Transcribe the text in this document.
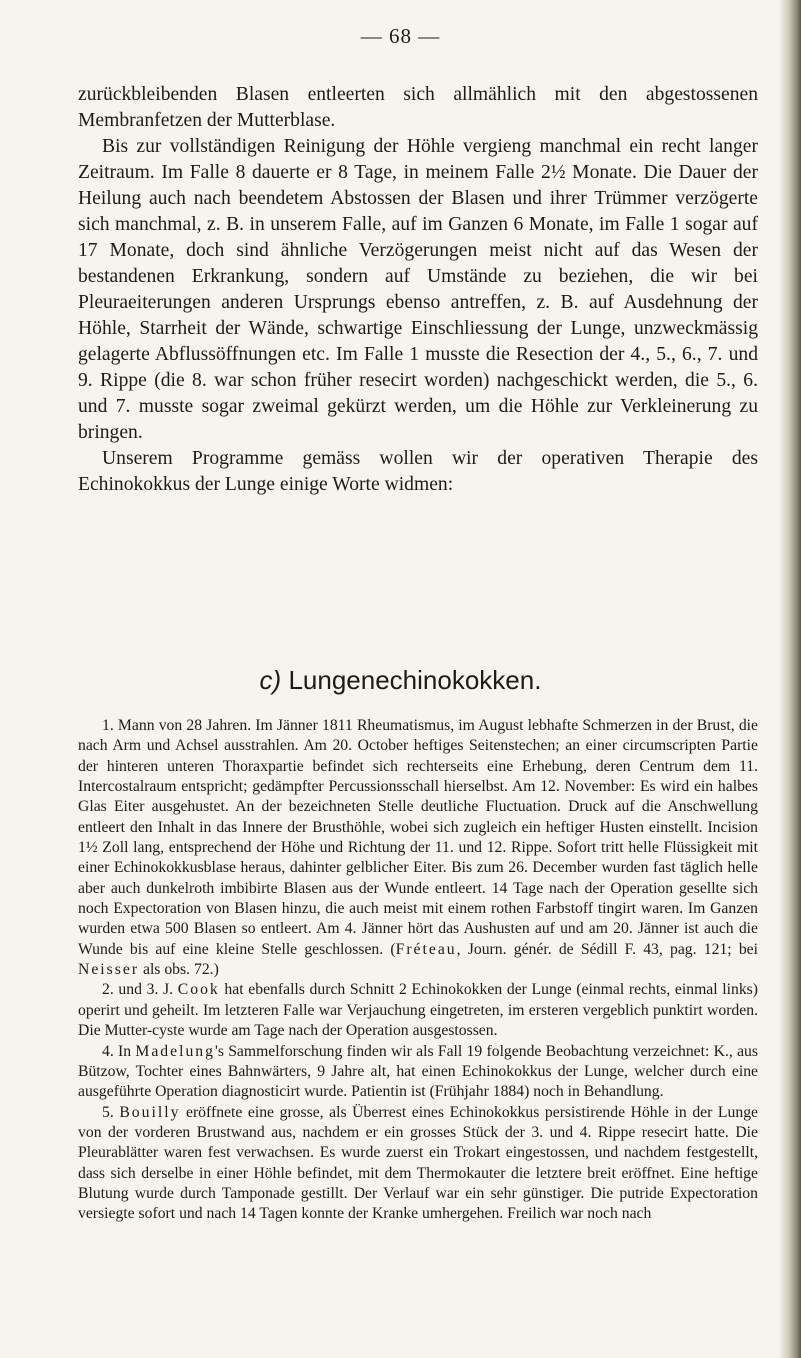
— 68 —

zurückbleibenden Blasen entleerten sich allmählich mit den abgestossenen Membranfetzen der Mutterblase.

Bis zur vollständigen Reinigung der Höhle vergieng manchmal ein recht langer Zeitraum. Im Falle 8 dauerte er 8 Tage, in meinem Falle 2½ Monate. Die Dauer der Heilung auch nach beendetem Abstossen der Blasen und ihrer Trümmer verzögerte sich manchmal, z. B. in unserem Falle, auf im Ganzen 6 Monate, im Falle 1 sogar auf 17 Monate, doch sind ähnliche Verzögerungen meist nicht auf das Wesen der bestandenen Erkrankung, sondern auf Umstände zu beziehen, die wir bei Pleuraeiterungen anderen Ursprungs ebenso antreffen, z. B. auf Ausdehnung der Höhle, Starrheit der Wände, schwartige Einschliessung der Lunge, unzweckmässig gelagerte Abflussöffnungen etc. Im Falle 1 musste die Resection der 4., 5., 6., 7. und 9. Rippe (die 8. war schon früher resecirt worden) nachgeschickt werden, die 5., 6. und 7. musste sogar zweimal gekürzt werden, um die Höhle zur Verkleinerung zu bringen.

Unserem Programme gemäss wollen wir der operativen Therapie des Echinokokkus der Lunge einige Worte widmen:

c) Lungenechinokokken.

1. Mann von 28 Jahren. Im Jänner 1811 Rheumatismus, im August lebhafte Schmerzen in der Brust, die nach Arm und Achsel ausstrahlen. Am 20. October heftiges Seitenstechen; an einer circumscripten Partie der hinteren unteren Thoraxpartie befindet sich rechterseits eine Erhebung, deren Centrum dem 11. Intercostalraum entspricht; gedämpfter Percussionsschall hierselbst. Am 12. November: Es wird ein halbes Glas Eiter ausgehustet. An der bezeichneten Stelle deutliche Fluctuation. Druck auf die Anschwellung entleert den Inhalt in das Innere der Brusthöhle, wobei sich zugleich ein heftiger Husten einstellt. Incision 1½ Zoll lang, entsprechend der Höhe und Richtung der 11. und 12. Rippe. Sofort tritt helle Flüssigkeit mit einer Echinokokkusblase heraus, dahinter gelblicher Eiter. Bis zum 26. December wurden fast täglich helle aber auch dunkelroth imbibirte Blasen aus der Wunde entleert. 14 Tage nach der Operation gesellte sich noch Expectoration von Blasen hinzu, die auch meist mit einem rothen Farbstoff tingirt waren. Im Ganzen wurden etwa 500 Blasen so entleert. Am 4. Jänner hört das Aushusten auf und am 20. Jänner ist auch die Wunde bis auf eine kleine Stelle geschlossen. (Fréteau, Journ. génér. de Sédill F. 43, pag. 121; bei Neisser als obs. 72.)

2. und 3. J. Cook hat ebenfalls durch Schnitt 2 Echinokokken der Lunge (einmal rechts, einmal links) operirt und geheilt. Im letzteren Falle war Verjauchung eingetreten, im ersteren vergeblich punktirt worden. Die Mutter-cyste wurde am Tage nach der Operation ausgestossen.

4. In Madelung's Sammelforschung finden wir als Fall 19 folgende Beobachtung verzeichnet: K., aus Bützow, Tochter eines Bahnwärters, 9 Jahre alt, hat einen Echinokokkus der Lunge, welcher durch eine ausgeführte Operation diagnosticirt wurde. Patientin ist (Frühjahr 1884) noch in Behandlung.

5. Bouilly eröffnete eine grosse, als Überrest eines Echinokokkus persistirende Höhle in der Lunge von der vorderen Brustwand aus, nachdem er ein grosses Stück der 3. und 4. Rippe resecirt hatte. Die Pleurablätter waren fest verwachsen. Es wurde zuerst ein Trokart eingestossen, und nachdem festgestellt, dass sich derselbe in einer Höhle befindet, mit dem Thermokauter die letztere breit eröffnet. Eine heftige Blutung wurde durch Tamponade gestillt. Der Verlauf war ein sehr günstiger. Die putride Expectoration versiegte sofort und nach 14 Tagen konnte der Kranke umhergehen. Freilich war noch nach
